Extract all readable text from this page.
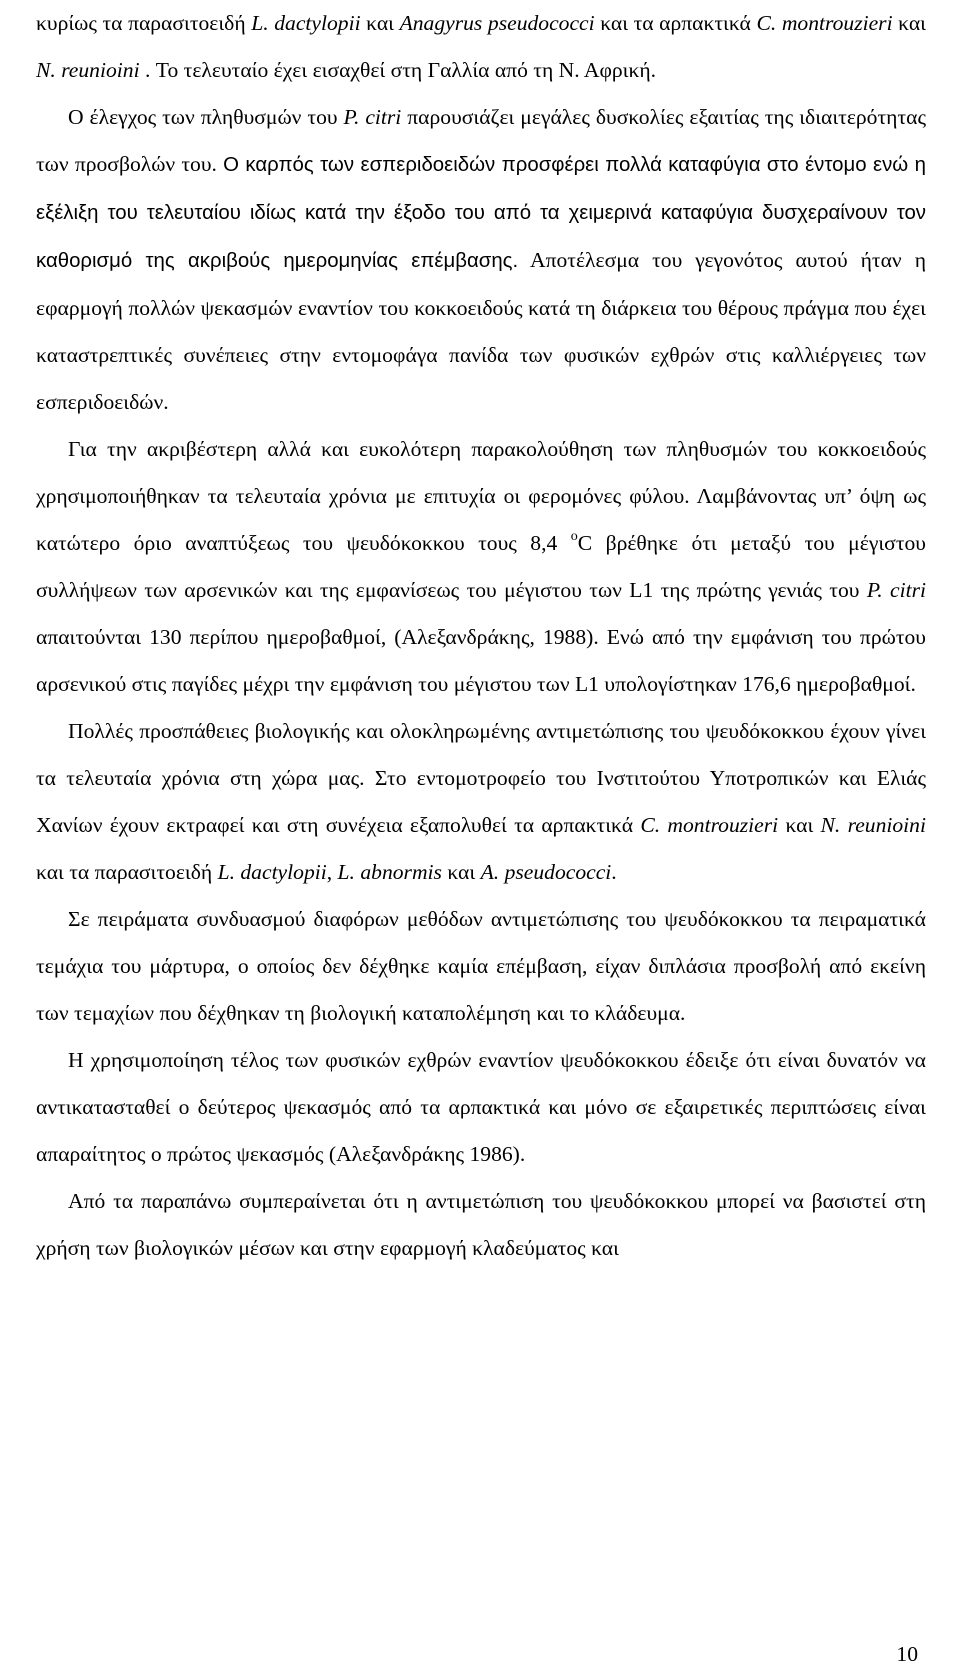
κυρίως τα παρασιτοειδή L. dactylopii και Anagyrus pseudococci και τα αρπακτικά C. montrouzieri και N. reunioini . Το τελευταίο έχει εισαχθεί στη Γαλλία από τη Ν. Αφρική.

Ο έλεγχος των πληθυσμών του P. citri παρουσιάζει μεγάλες δυσκολίες εξαιτίας της ιδιαιτερότητας των προσβολών του. Ο καρπός των εσπεριδοειδών προσφέρει πολλά καταφύγια στο έντομο ενώ η εξέλιξη του τελευταίου ιδίως κατά την έξοδο του από τα χειμερινά καταφύγια δυσχεραίνουν τον καθορισμό της ακριβούς ημερομηνίας επέμβασης. Αποτέλεσμα του γεγονότος αυτού ήταν η εφαρμογή πολλών ψεκασμών εναντίον του κοκκοειδούς κατά τη διάρκεια του θέρους πράγμα που έχει καταστρεπτικές συνέπειες στην εντομοφάγα πανίδα των φυσικών εχθρών στις καλλιέργειες των εσπεριδοειδών.

Για την ακριβέστερη αλλά και ευκολότερη παρακολούθηση των πληθυσμών του κοκκοειδούς χρησιμοποιήθηκαν τα τελευταία χρόνια με επιτυχία οι φερομόνες φύλου. Λαμβάνοντας υπ’ όψη ως κατώτερο όριο αναπτύξεως του ψευδόκοκκου τους 8,4 $^o$C βρέθηκε ότι μεταξύ του μέγιστου συλλήψεων των αρσενικών και της εμφανίσεως του μέγιστου των L1 της πρώτης γενιάς του P. citri απαιτούνται 130 περίπου ημεροβαθμοί, (Αλεξανδράκης, 1988). Ενώ από την εμφάνιση του πρώτου αρσενικού στις παγίδες μέχρι την εμφάνιση του μέγιστου των L1 υπολογίστηκαν 176,6 ημεροβαθμοί.

Πολλές προσπάθειες βιολογικής και ολοκληρωμένης αντιμετώπισης του ψευδόκοκκου έχουν γίνει τα τελευταία χρόνια στη χώρα μας. Στο εντομοτροφείο του Ινστιτούτου Υποτροπικών και Ελιάς Χανίων έχουν εκτραφεί και στη συνέχεια εξαπολυθεί τα αρπακτικά C. montrouzieri και N. reunioini και τα παρασιτοειδή L. dactylopii, L. abnormis και A. pseudococci.

Σε πειράματα συνδυασμού διαφόρων μεθόδων αντιμετώπισης του ψευδόκοκκου τα πειραματικά τεμάχια του μάρτυρα, ο οποίος δεν δέχθηκε καμία επέμβαση, είχαν διπλάσια προσβολή από εκείνη των τεμαχίων που δέχθηκαν τη βιολογική καταπολέμηση και το κλάδευμα.

Η χρησιμοποίηση τέλος των φυσικών εχθρών εναντίον ψευδόκοκκου έδειξε ότι είναι δυνατόν να αντικατασταθεί ο δεύτερος ψεκασμός από τα αρπακτικά και μόνο σε εξαιρετικές περιπτώσεις είναι απαραίτητος ο πρώτος ψεκασμός (Αλεξανδράκης 1986).

Από τα παραπάνω συμπεραίνεται ότι η αντιμετώπιση του ψευδόκοκκου μπορεί να βασιστεί στη χρήση των βιολογικών μέσων και στην εφαρμογή κλαδεύματος και

10
